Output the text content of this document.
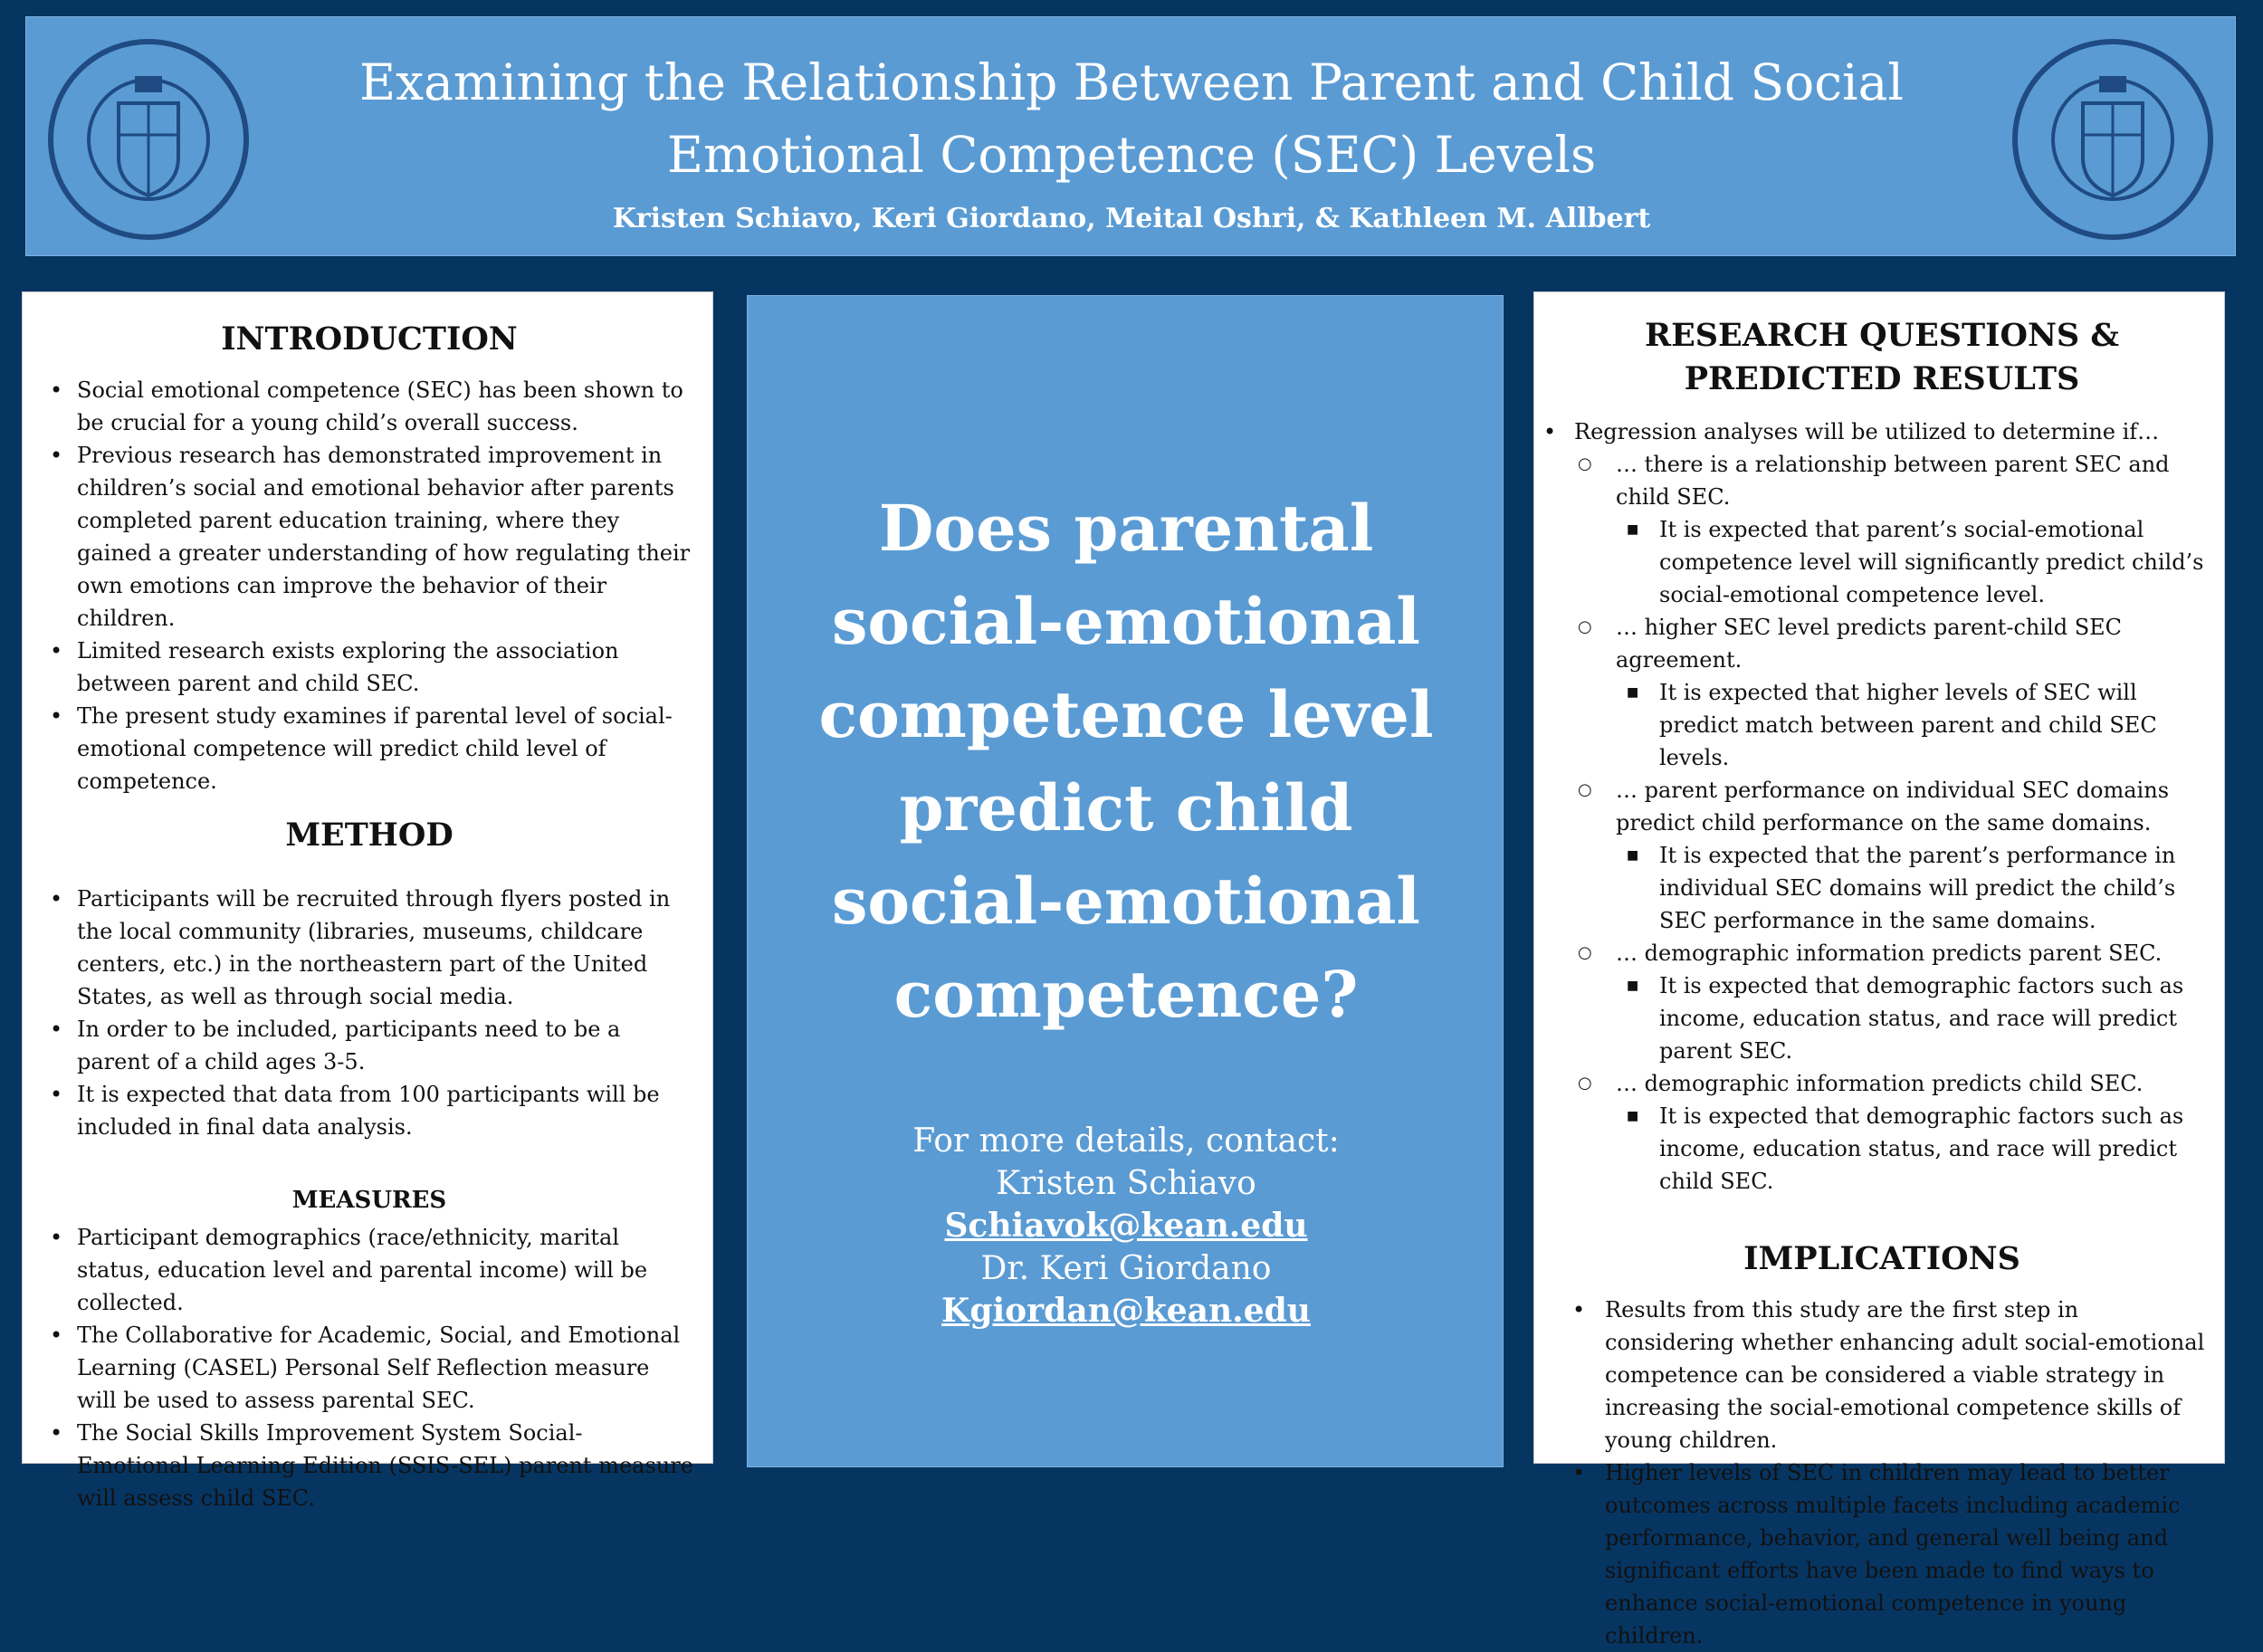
Examining the Relationship Between Parent and Child Social Emotional Competence (SEC) Levels
Kristen Schiavo, Keri Giordano, Meital Oshri, & Kathleen M. Allbert
INTRODUCTION
• Social emotional competence (SEC) has been shown to be crucial for a young child’s overall success.
• Previous research has demonstrated improvement in children’s social and emotional behavior after parents completed parent education training, where they gained a greater understanding of how regulating their own emotions can improve the behavior of their children.
• Limited research exists exploring the association between parent and child SEC.
• The present study examines if parental level of social-emotional competence will predict child level of competence.
METHOD
• Participants will be recruited through flyers posted in the local community (libraries, museums, childcare centers, etc.) in the northeastern part of the United States, as well as through social media.
• In order to be included, participants need to be a parent of a child ages 3-5.
• It is expected that data from 100 participants will be included in final data analysis.
MEASURES
• Participant demographics (race/ethnicity, marital status, education level and parental income) will be collected.
• The Collaborative for Academic, Social, and Emotional Learning (CASEL) Personal Self Reflection measure will be used to assess parental SEC.
• The Social Skills Improvement System Social-Emotional Learning Edition (SSIS-SEL) parent measure will assess child SEC.
Does parental social-emotional competence level predict child social-emotional competence?
For more details, contact:
Kristen Schiavo
Schiavok@kean.edu
Dr. Keri Giordano
Kgiordan@kean.edu
RESEARCH QUESTIONS & PREDICTED RESULTS
• Regression analyses will be utilized to determine if…
○ … there is a relationship between parent SEC and child SEC.
■ It is expected that parent’s social-emotional competence level will significantly predict child’s social-emotional competence level.
○ … higher SEC level predicts parent-child SEC agreement.
■ It is expected that higher levels of SEC will predict match between parent and child SEC levels.
○ … parent performance on individual SEC domains predict child performance on the same domains.
■ It is expected that the parent’s performance in individual SEC domains will predict the child’s SEC performance in the same domains.
○ … demographic information predicts parent SEC.
■ It is expected that demographic factors such as income, education status, and race will predict parent SEC.
○ … demographic information predicts child SEC.
■ It is expected that demographic factors such as income, education status, and race will predict child SEC.
IMPLICATIONS
• Results from this study are the first step in considering whether enhancing adult social-emotional competence can be considered a viable strategy in increasing the social-emotional competence skills of young children.
• Higher levels of SEC in children may lead to better outcomes across multiple facets including academic performance, behavior, and general well being and significant efforts have been made to find ways to enhance social-emotional competence in young children.
